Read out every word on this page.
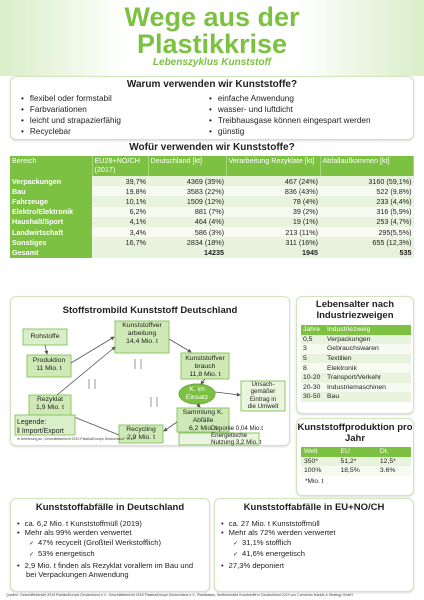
Wege aus der
Plastikkrise
Lebenszyklus Kunststoff
Warum verwenden wir Kunststoffe?
• flexibel oder formstabil
• Farbvariationen
• leicht und strapazierfähig
• Recyclebar
• einfache Anwendung
• wasser- und luftdicht
• Treibhausgase können eingespart werden
• günstig
Wofür verwenden wir Kunststoffe?
Bereich	EU28+NO/CH (2017)	Deutschland [kt]	Verarbeitung Rezyklate [kt]	Abfallaufkommen [kt]
Verpackungen	39,7%	4369 (35%)	467 (24%)	3160 (59,1%)
Bau	19,8%	3583 (22%)	836 (43%)	522 (9,8%)
Fahrzeuge	10,1%	1509 (12%)	78 (4%)	233 (4,4%)
Elektro/Elektronik	6,2%	881 (7%)	39 (2%)	316 (5,9%)
Haushalt/Sport	4,1%	464 (4%)	19 (1%)	253 (4,7%)
Landwirtschaft	3,4%	586 (3%)	213 (11%)	295(5,5%)
Sonstiges	16,7%	2834 (18%)	311 (16%)	655 (12,3%)
Gesamt		14235	1945	535
Stoffstrombild Kunststoff Deutschland
Rohstoffe
Produktion
11 Mio. t
Kunststoffver
arbeitung
14,4 Mio. t
Kunststoffver
brauch
11,8 Mio. t
K. im
Einsatz
Unsach-
gemäßer
Eintrag in
die Umwelt
Sammlung K.
Abfälle
6,2 Mio. t
Deponie 0,04 Mio.t
Energetische
Nutzung 3,2 Mio. t
Recycling
2,9 Mio. t
Rezyklat
1,9 Mio. t
Legende:
‖ Import/Export
In Anlehnung an „Geschäftsbericht 2019 PlasticsEurope Deutschland" S. 27
Lebensalter nach Industriezweigen
Jahre	Industriezweig
0,5	Verpackungen
3	Gebrauchswaren
5	Textilien
8	Elektronik
10-20	Transport/Verkehr
20-30	Industriemaschinen
30-50	Bau
Kunststoffproduktion pro Jahr
Welt	EU	Dt.
350*	51,2*	12,5*
100%	18,5%	3.6%
*Mio. t
Kunststoffabfälle in Deutschland
• ca. 6,2 Mio. t Kunststoffmüll (2019)
• Mehr als 99% werden verwertet
✓ 47% recycelt (Großteil Werkstofflich)
✓ 53% energetisch
• 2,9 Mio. t finden als Rezyklat vorallem im Bau und
bei Verpackungen Anwendung
Kunststoffabfälle in EU+NO/CH
• ca. 27 Mio. t Kunststoffmüll
• Mehr als 72% werden verwertet
✓ 31,1% stofflich
✓ 41,6% energetisch
• 27,3% deponiert
Quellen: Geschäftsbericht 2019 PlasticsEurope Deutschland e.V., Geschäftsbericht 2018 PlasticsEurope Deutschland e.V., Plastikatlas, Stoffstrombild Kunststoffe in Deutschland 2019 von Conversio Market & Strategy GmbH
